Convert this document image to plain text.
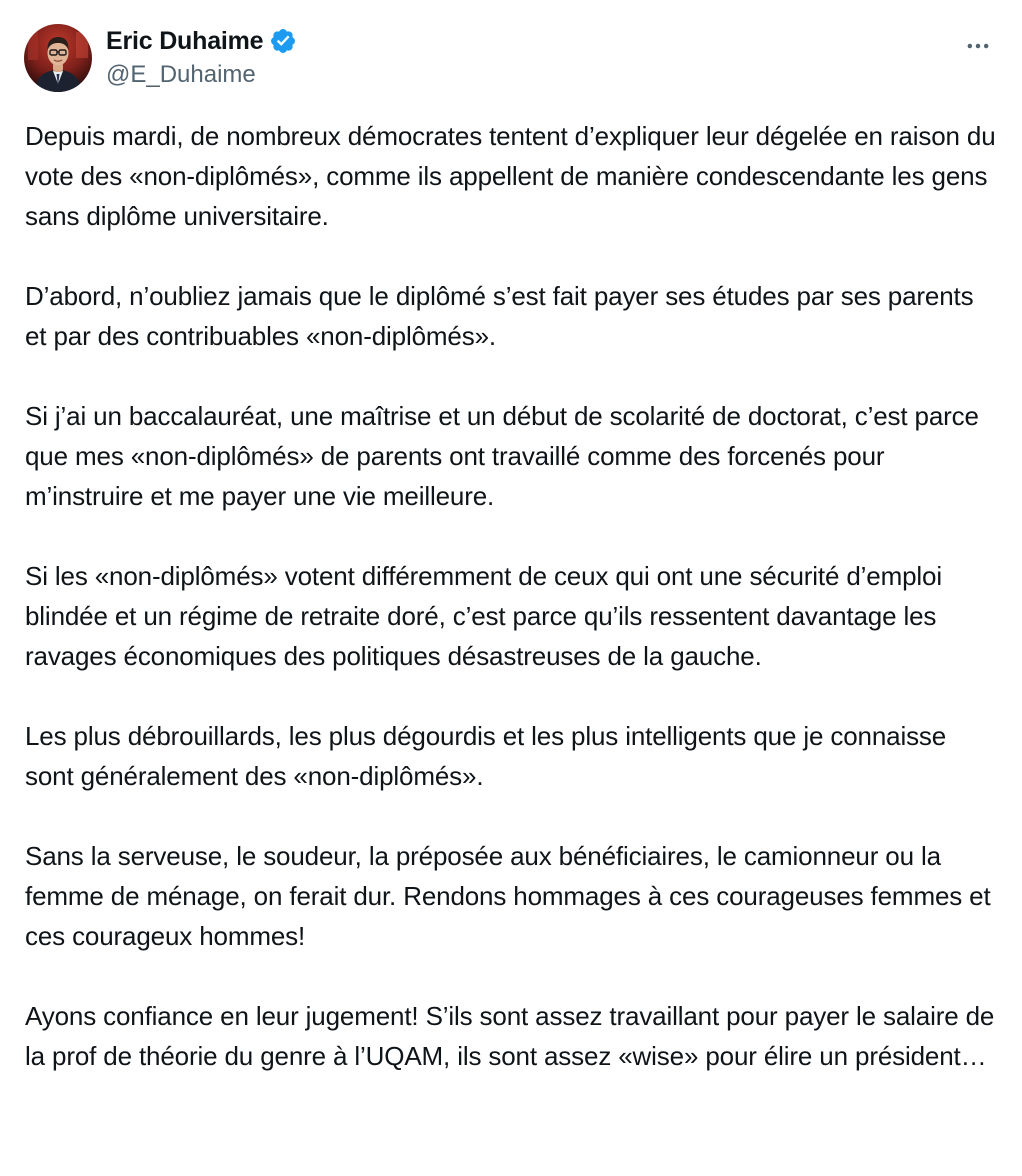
Eric Duhaime
@E_Duhaime

Depuis mardi, de nombreux démocrates tentent d’expliquer leur dégelée en raison du vote des «non-diplômés», comme ils appellent de manière condescendante les gens sans diplôme universitaire.

D’abord, n’oubliez jamais que le diplômé s’est fait payer ses études par ses parents et par des contribuables «non-diplômés».

Si j’ai un baccalauréat, une maîtrise et un début de scolarité de doctorat, c’est parce que mes «non-diplômés» de parents ont travaillé comme des forcenés pour m’instruire et me payer une vie meilleure.

Si les «non-diplômés» votent différemment de ceux qui ont une sécurité d’emploi blindée et un régime de retraite doré, c’est parce qu’ils ressentent davantage les ravages économiques des politiques désastreuses de la gauche.

Les plus débrouillards, les plus dégourdis et les plus intelligents que je connaisse sont généralement des «non-diplômés».

Sans la serveuse, le soudeur, la préposée aux bénéficiaires, le camionneur ou la femme de ménage, on ferait dur. Rendons hommages à ces courageuses femmes et ces courageux hommes!

Ayons confiance en leur jugement! S’ils sont assez travaillant pour payer le salaire de la prof de théorie du genre à l’UQAM, ils sont assez «wise» pour élire un président…
